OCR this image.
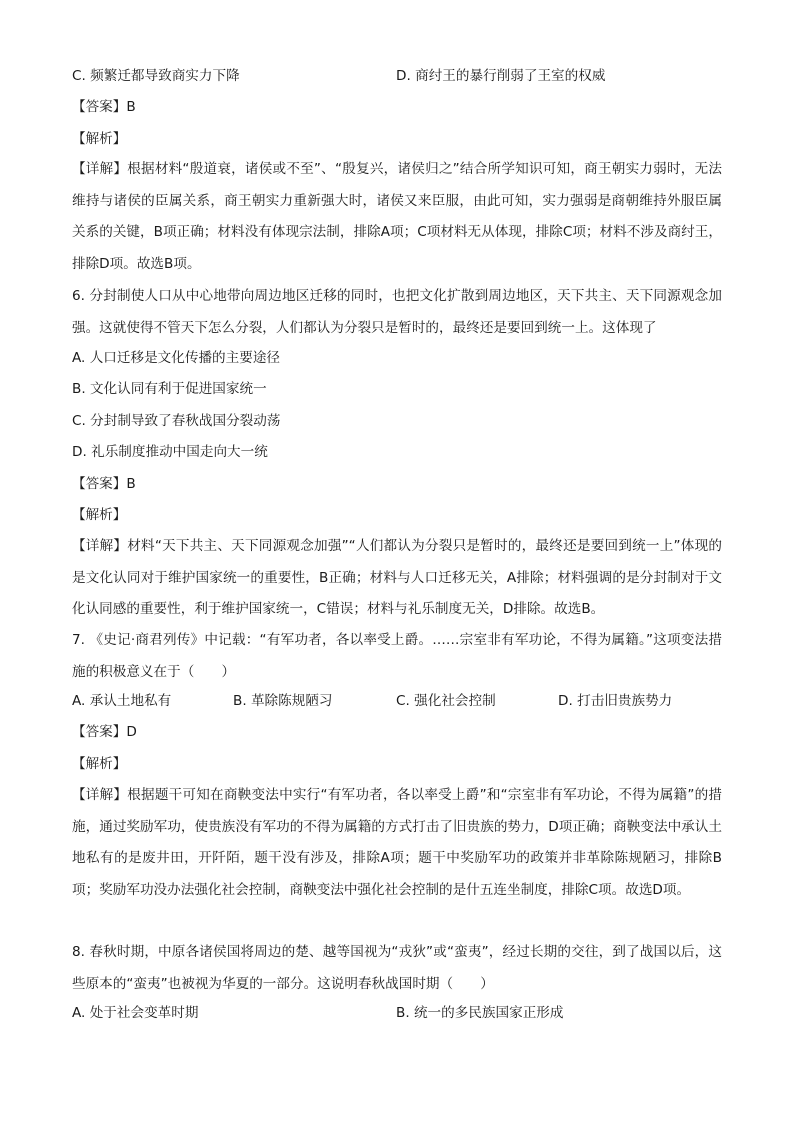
C. 频繁迁都导致商实力下降	D. 商纣王的暴行削弱了王室的权威
【答案】B
【解析】
【详解】根据材料“殷道衰，诸侯或不至”、“殷复兴，诸侯归之”结合所学知识可知，商王朝实力弱时，无法维持与诸侯的臣属关系，商王朝实力重新强大时，诸侯又来臣服，由此可知，实力强弱是商朝维持外服臣属关系的关键，B项正确；材料没有体现宗法制，排除A项；C项材料无从体现，排除C项；材料不涉及商纣王，排除D项。故选B项。
6. 分封制使人口从中心地带向周边地区迁移的同时，也把文化扩散到周边地区，天下共主、天下同源观念加强。这就使得不管天下怎么分裂，人们都认为分裂只是暂时的，最终还是要回到统一上。这体现了
A. 人口迁移是文化传播的主要途径
B. 文化认同有利于促进国家统一
C. 分封制导致了春秋战国分裂动荡
D. 礼乐制度推动中国走向大一统
【答案】B
【解析】
【详解】材料“天下共主、天下同源观念加强”“人们都认为分裂只是暂时的，最终还是要回到统一上”体现的是文化认同对于维护国家统一的重要性，B正确；材料与人口迁移无关，A排除；材料强调的是分封制对于文化认同感的重要性，利于维护国家统一，C错误；材料与礼乐制度无关，D排除。故选B。
7. 《史记·商君列传》中记载：“有军功者，各以率受上爵。……宗室非有军功论，不得为属籍。”这项变法措施的积极意义在于（　　）
A. 承认土地私有	B. 革除陈规陋习	C. 强化社会控制	D. 打击旧贵族势力
【答案】D
【解析】
【详解】根据题干可知在商鞅变法中实行“有军功者，各以率受上爵”和“宗室非有军功论，不得为属籍”的措施，通过奖励军功，使贵族没有军功的不得为属籍的方式打击了旧贵族的势力，D项正确；商鞅变法中承认土地私有的是废井田，开阡陌，题干没有涉及，排除A项；题干中奖励军功的政策并非革除陈规陋习，排除B项；奖励军功没办法强化社会控制，商鞅变法中强化社会控制的是什五连坐制度，排除C项。故选D项。
8. 春秋时期，中原各诸侯国将周边的楚、越等国视为“戎狄”或“蛮夷”，经过长期的交往，到了战国以后，这些原本的“蛮夷”也被视为华夏的一部分。这说明春秋战国时期（　　）
A. 处于社会变革时期	B. 统一的多民族国家正形成
